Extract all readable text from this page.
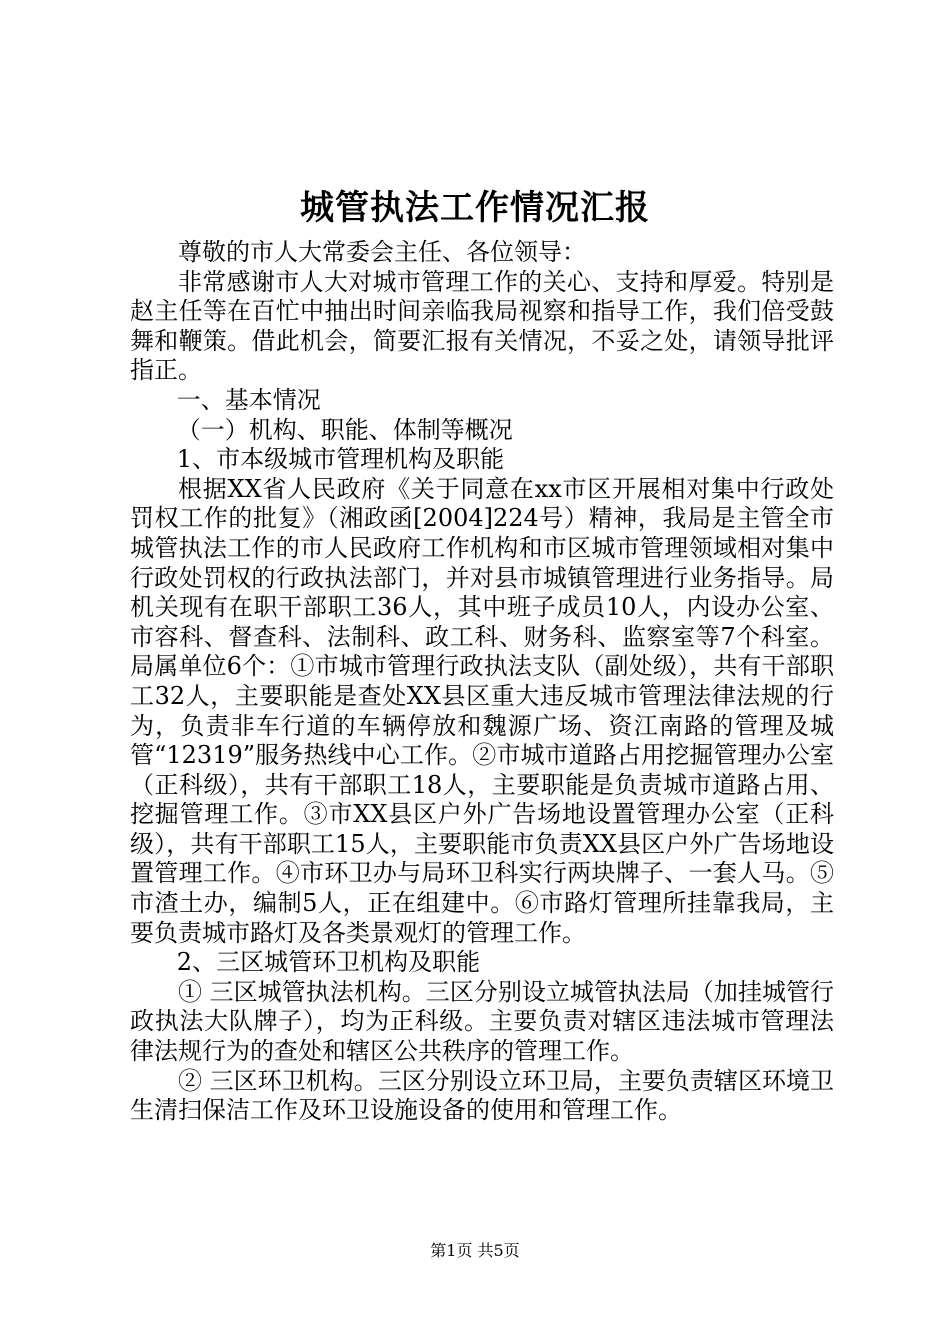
城管执法工作情况汇报

尊敬的市人大常委会主任、各位领导：

非常感谢市人大对城市管理工作的关心、支持和厚爱。特别是赵主任等在百忙中抽出时间亲临我局视察和指导工作，我们倍受鼓舞和鞭策。借此机会，简要汇报有关情况，不妥之处，请领导批评指正。

一、基本情况

（一）机构、职能、体制等概况

1、市本级城市管理机构及职能

根据XX省人民政府《关于同意在xx市区开展相对集中行政处罚权工作的批复》（湘政函[2004]224号）精神，我局是主管全市城管执法工作的市人民政府工作机构和市区城市管理领域相对集中行政处罚权的行政执法部门，并对县市城镇管理进行业务指导。局机关现有在职干部职工36人，其中班子成员10人，内设办公室、市容科、督查科、法制科、政工科、财务科、监察室等7个科室。局属单位6个：①市城市管理行政执法支队（副处级），共有干部职工32人，主要职能是查处XX县区重大违反城市管理法律法规的行为，负责非车行道的车辆停放和魏源广场、资江南路的管理及城管“12319”服务热线中心工作。②市城市道路占用挖掘管理办公室（正科级），共有干部职工18人，主要职能是负责城市道路占用、挖掘管理工作。③市XX县区户外广告场地设置管理办公室（正科级），共有干部职工15人，主要职能市负责XX县区户外广告场地设置管理工作。④市环卫办与局环卫科实行两块牌子、一套人马。⑤市渣土办，编制5人，正在组建中。⑥市路灯管理所挂靠我局，主要负责城市路灯及各类景观灯的管理工作。

2、三区城管环卫机构及职能

① 三区城管执法机构。三区分别设立城管执法局（加挂城管行政执法大队牌子），均为正科级。主要负责对辖区违法城市管理法律法规行为的查处和辖区公共秩序的管理工作。

② 三区环卫机构。三区分别设立环卫局，主要负责辖区环境卫生清扫保洁工作及环卫设施设备的使用和管理工作。

第1页 共5页
